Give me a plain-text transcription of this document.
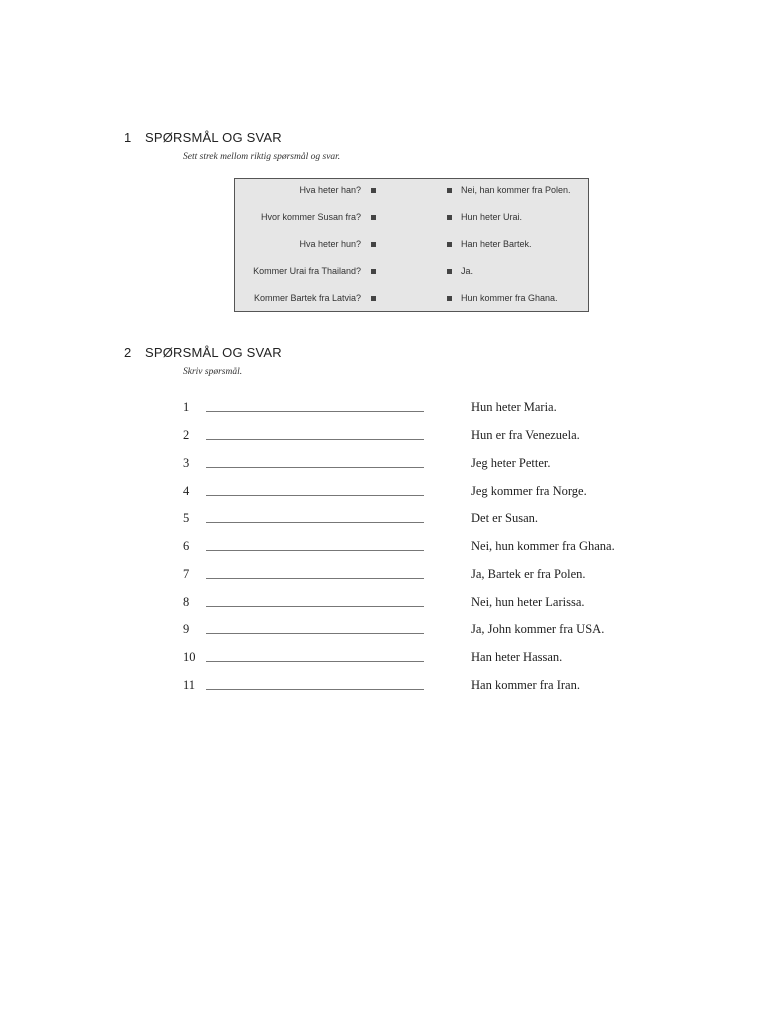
1 SPØRSMÅL OG SVAR
Sett strek mellom riktig spørsmål og svar.
Hva heter han?	Nei, han kommer fra Polen.
Hvor kommer Susan fra?	Hun heter Urai.
Hva heter hun?	Han heter Bartek.
Kommer Urai fra Thailand?	Ja.
Kommer Bartek fra Latvia?	Hun kommer fra Ghana.
2 SPØRSMÅL OG SVAR
Skriv spørsmål.
1	Hun heter Maria.
2	Hun er fra Venezuela.
3	Jeg heter Petter.
4	Jeg kommer fra Norge.
5	Det er Susan.
6	Nei, hun kommer fra Ghana.
7	Ja, Bartek er fra Polen.
8	Nei, hun heter Larissa.
9	Ja, John kommer fra USA.
10	Han heter Hassan.
11	Han kommer fra Iran.
